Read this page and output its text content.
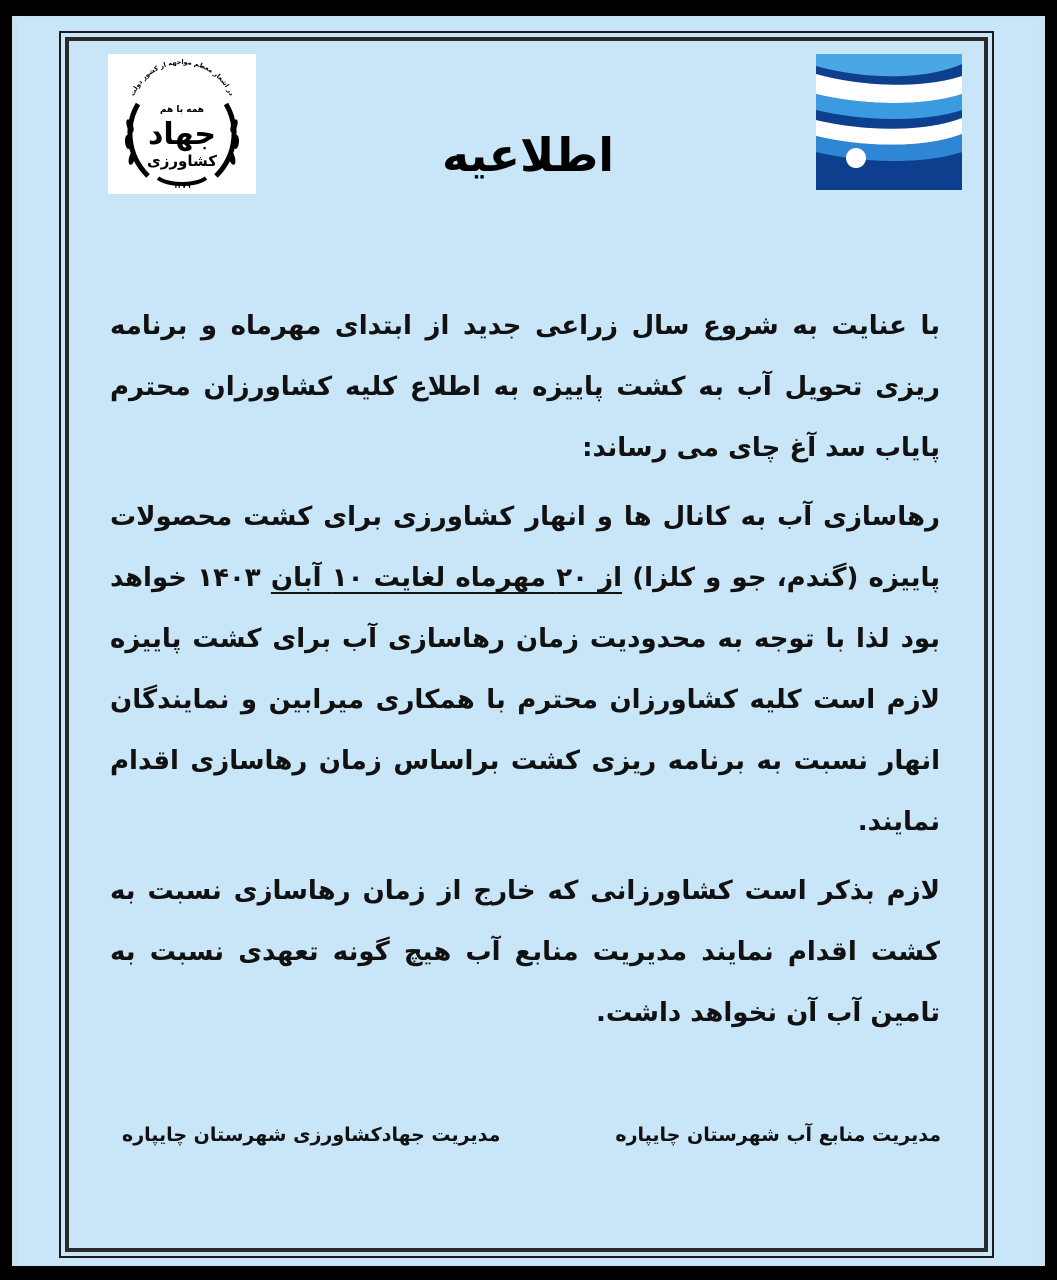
در اشعار معظم مواجهه از کشور دولت
۱۳۷۹
همه با هم
جهاد
کشاورزی	اطلاعیه

با عنایت به شروع سال زراعی جدید از ابتدای مهرماه و برنامه ریزی تحویل آب به کشت پاییزه به اطلاع کلیه کشاورزان محترم پایاب سد آغ چای می رساند:

رهاسازی آب به کانال ها و انهار کشاورزی برای کشت محصولات پاییزه (گندم، جو و کلزا) از ۲۰ مهرماه لغایت ۱۰ آبان ۱۴۰۳ خواهد بود لذا با توجه به محدودیت زمان رهاسازی آب برای کشت پاییزه لازم است کلیه کشاورزان محترم با همکاری میرابین و نمایندگان انهار نسبت به برنامه ریزی کشت براساس زمان رهاسازی اقدام نمایند.

لازم بذکر است کشاورزانی که خارج از زمان رهاسازی نسبت به کشت اقدام نمایند مدیریت منابع آب هیچ گونه تعهدی نسبت به تامین آب آن نخواهد داشت.

مدیریت منابع آب شهرستان چایپاره
مدیریت جهادکشاورزی شهرستان چایپاره
